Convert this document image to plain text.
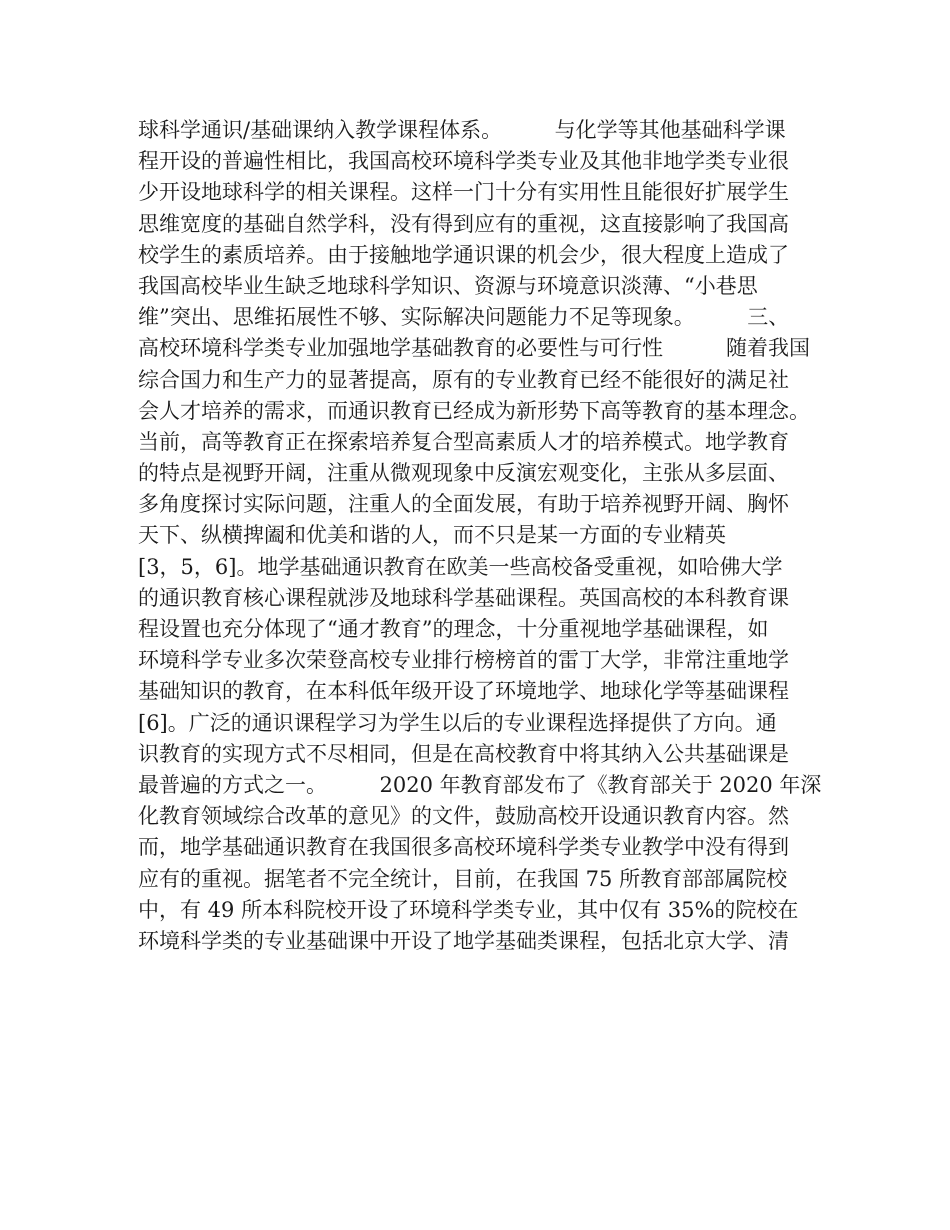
球科学通识/基础课纳入教学课程体系。　　　与化学等其他基础科学课
程开设的普遍性相比，我国高校环境科学类专业及其他非地学类专业很
少开设地球科学的相关课程。这样一门十分有实用性且能很好扩展学生
思维宽度的基础自然学科，没有得到应有的重视，这直接影响了我国高
校学生的素质培养。由于接触地学通识课的机会少，很大程度上造成了
我国高校毕业生缺乏地球科学知识、资源与环境意识淡薄、“小巷思
维”突出、思维拓展性不够、实际解决问题能力不足等现象。　　　三、
高校环境科学类专业加强地学基础教育的必要性与可行性　　　随着我国
综合国力和生产力的显著提高，原有的专业教育已经不能很好的满足社
会人才培养的需求，而通识教育已经成为新形势下高等教育的基本理念。
当前，高等教育正在探索培养复合型高素质人才的培养模式。地学教育
的特点是视野开阔，注重从微观现象中反演宏观变化，主张从多层面、
多角度探讨实际问题，注重人的全面发展，有助于培养视野开阔、胸怀
天下、纵横捭阖和优美和谐的人，而不只是某一方面的专业精英
[3，5，6]。地学基础通识教育在欧美一些高校备受重视，如哈佛大学
的通识教育核心课程就涉及地球科学基础课程。英国高校的本科教育课
程设置也充分体现了“通才教育”的理念，十分重视地学基础课程，如
环境科学专业多次荣登高校专业排行榜榜首的雷丁大学，非常注重地学
基础知识的教育，在本科低年级开设了环境地学、地球化学等基础课程
[6]。广泛的通识课程学习为学生以后的专业课程选择提供了方向。通
识教育的实现方式不尽相同，但是在高校教育中将其纳入公共基础课是
最普遍的方式之一。　　　2020 年教育部发布了《教育部关于 2020 年深
化教育领域综合改革的意见》的文件，鼓励高校开设通识教育内容。然
而，地学基础通识教育在我国很多高校环境科学类专业教学中没有得到
应有的重视。据笔者不完全统计，目前，在我国 75 所教育部部属院校
中，有 49 所本科院校开设了环境科学类专业，其中仅有 35%的院校在
环境科学类的专业基础课中开设了地学基础类课程，包括北京大学、清
